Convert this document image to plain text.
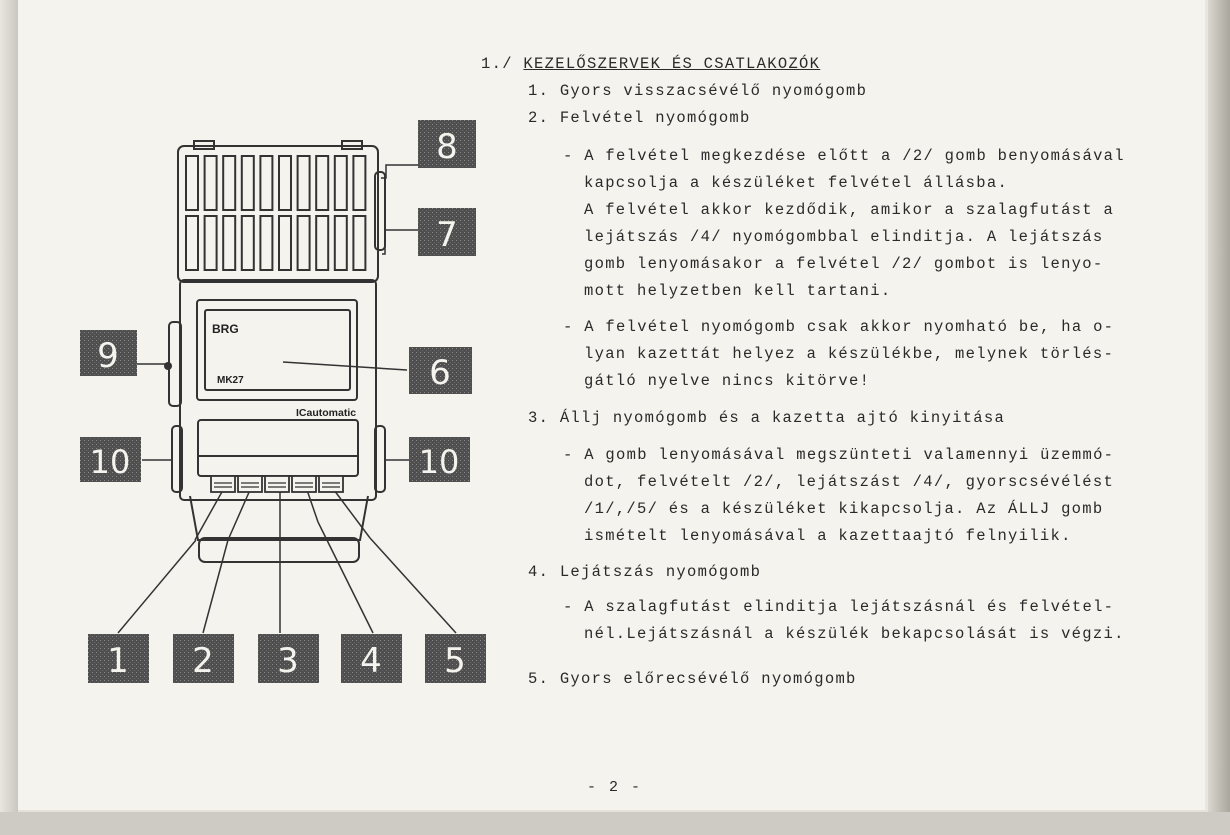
BRG
MK27
ICautomatic
8
7
9	6
10	10
1 2 3 4 5
1./ KEZELŐSZERVEK ÉS CSATLAKOZÓK
1. Gyors visszacsévélő nyomógomb
2. Felvétel nyomógomb
- A felvétel megkezdése előtt a /2/ gomb benyomásával
kapcsolja a készüléket felvétel állásba.
A felvétel akkor kezdődik, amikor a szalagfutást a
lejátszás /4/ nyomógombbal elinditja. A lejátszás
gomb lenyomásakor a felvétel /2/ gombot is lenyo-
mott helyzetben kell tartani.
- A felvétel nyomógomb csak akkor nyomható be, ha o-
lyan kazettát helyez a készülékbe, melynek törlés-
gátló nyelve nincs kitörve!
3. Állj nyomógomb és a kazetta ajtó kinyitása
- A gomb lenyomásával megszünteti valamennyi üzemmó-
dot, felvételt /2/, lejátszást /4/, gyorscsévélést
/1/,/5/ és a készüléket kikapcsolja. Az ÁLLJ gomb
ismételt lenyomásával a kazettaajtó felnyilik.
4. Lejátszás nyomógomb
- A szalagfutást elinditja lejátszásnál és felvétel-
nél.Lejátszásnál a készülék bekapcsolását is végzi.
5. Gyors előrecsévélő nyomógomb
- 2 -
